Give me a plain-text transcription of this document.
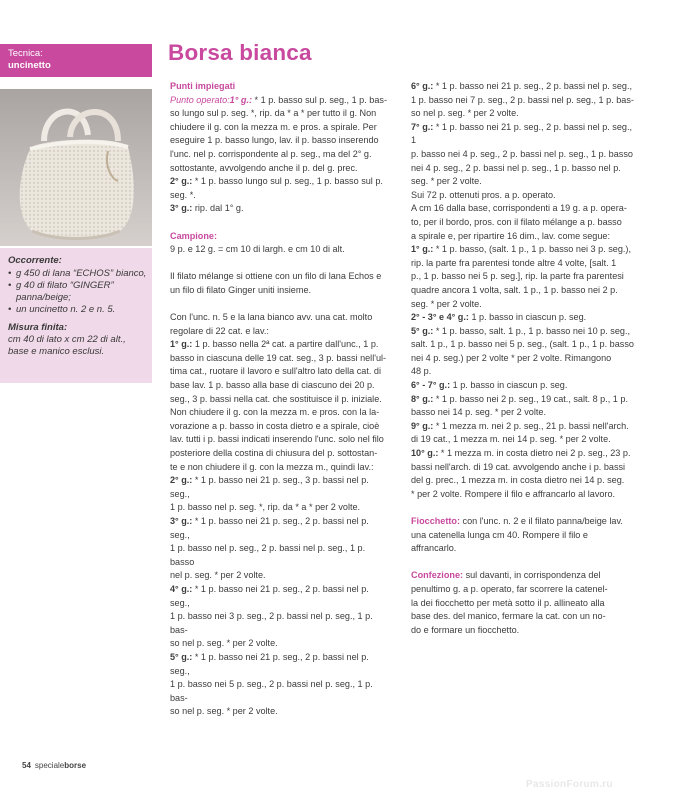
Tecnica:
uncinetto
Occorrente:
• g 450 di lana “ECHOS” bianco,
• g 40 di filato “GINGER” panna/beige;
• un uncinetto n. 2 e n. 5.
Misura finita:
cm 40 di lato x cm 22 di alt., base e manico esclusi.
Borsa bianca

Punti impiegati

Punto operato:1° g.: * 1 p. basso sul p. seg., 1 p. bas-

so lungo sul p. seg. *, rip. da * a * per tutto il g. Non

chiudere il g. con la mezza m. e pros. a spirale. Per

eseguire 1 p. basso lungo, lav. il p. basso inserendo

l'unc. nel p. corrispondente al p. seg., ma del 2° g.

sottostante, avvolgendo anche il p. del g. prec.

2° g.: * 1 p. basso lungo sul p. seg., 1 p. basso sul p. seg. *.

3° g.: rip. dal 1° g.

Campione:

9 p. e 12 g. = cm 10 di largh. e cm 10 di alt.

Il filato mélange si ottiene con un filo di lana Echos e

un filo di filato Ginger uniti insieme.

Con l'unc. n. 5 e la lana bianco avv. una cat. molto

regolare di 22 cat. e lav.:

1° g.: 1 p. basso nella 2ª cat. a partire dall'unc., 1 p.

basso in ciascuna delle 19 cat. seg., 3 p. bassi nell'ul-

tima cat., ruotare il lavoro e sull'altro lato della cat. di

base lav. 1 p. basso alla base di ciascuno dei 20 p.

seg., 3 p. bassi nella cat. che sostituisce il p. iniziale.

Non chiudere il g. con la mezza m. e pros. con la la-

vorazione a p. basso in costa dietro e a spirale, cioè

lav. tutti i p. bassi indicati inserendo l'unc. solo nel filo

posteriore della costina di chiusura del p. sottostan-

te e non chiudere il g. con la mezza m., quindi lav.:

2° g.: * 1 p. basso nei 21 p. seg., 3 p. bassi nel p. seg.,

1 p. basso nel p. seg. *, rip. da * a * per 2 volte.

3° g.: * 1 p. basso nei 21 p. seg., 2 p. bassi nel p. seg.,

1 p. basso nel p. seg., 2 p. bassi nel p. seg., 1 p. basso

nel p. seg. * per 2 volte.

4° g.: * 1 p. basso nei 21 p. seg., 2 p. bassi nel p. seg.,

1 p. basso nei 3 p. seg., 2 p. bassi nel p. seg., 1 p. bas-

so nel p. seg. * per 2 volte.

5° g.: * 1 p. basso nei 21 p. seg., 2 p. bassi nel p. seg.,

1 p. basso nei 5 p. seg., 2 p. bassi nel p. seg., 1 p. bas-

so nel p. seg. * per 2 volte.

6° g.: * 1 p. basso nei 21 p. seg., 2 p. bassi nel p. seg.,

1 p. basso nei 7 p. seg., 2 p. bassi nel p. seg., 1 p. bas-

so nel p. seg. * per 2 volte.

7° g.: * 1 p. basso nei 21 p. seg., 2 p. bassi nel p. seg., 1

p. basso nei 4 p. seg., 2 p. bassi nel p. seg., 1 p. basso

nei 4 p. seg., 2 p. bassi nel p. seg., 1 p. basso nel p.

seg. * per 2 volte.

Sui 72 p. ottenuti pros. a p. operato.

A cm 16 dalla base, corrispondenti a 19 g. a p. opera-

to, per il bordo, pros. con il filato mélange a p. basso

a spirale e, per ripartire 16 dim., lav. come segue:

1° g.: * 1 p. basso, (salt. 1 p., 1 p. basso nei 3 p. seg.),

rip. la parte fra parentesi tonde altre 4 volte, [salt. 1

p., 1 p. basso nei 5 p. seg.], rip. la parte fra parentesi

quadre ancora 1 volta, salt. 1 p., 1 p. basso nei 2 p.

seg. * per 2 volte.

2° - 3° e 4° g.: 1 p. basso in ciascun p. seg.

5° g.: * 1 p. basso, salt. 1 p., 1 p. basso nei 10 p. seg.,

salt. 1 p., 1 p. basso nei 5 p. seg., (salt. 1 p., 1 p. basso

nei 4 p. seg.) per 2 volte * per 2 volte. Rimangono

48 p.

6° - 7° g.: 1 p. basso in ciascun p. seg.

8° g.: * 1 p. basso nei 2 p. seg., 19 cat., salt. 8 p., 1 p.

basso nei 14 p. seg. * per 2 volte.

9° g.: * 1 mezza m. nei 2 p. seg., 21 p. bassi nell'arch.

di 19 cat., 1 mezza m. nei 14 p. seg. * per 2 volte.

10° g.: * 1 mezza m. in costa dietro nei 2 p. seg., 23 p.

bassi nell'arch. di 19 cat. avvolgendo anche i p. bassi

del g. prec., 1 mezza m. in costa dietro nei 14 p. seg.

* per 2 volte. Rompere il filo e affrancarlo al lavoro.

Fiocchetto: con l'unc. n. 2 e il filato panna/beige lav.

una catenella lunga cm 40. Rompere il filo e affrancarlo.

Confezione: sul davanti, in corrispondenza del

penultimo g. a p. operato, far scorrere la catenel-

la dei fiocchetto per metà sotto il p. allineato alla

base des. del manico, fermare la cat. con un no-

do e formare un fiocchetto.

54 specialeborse
PassionForum.ru
